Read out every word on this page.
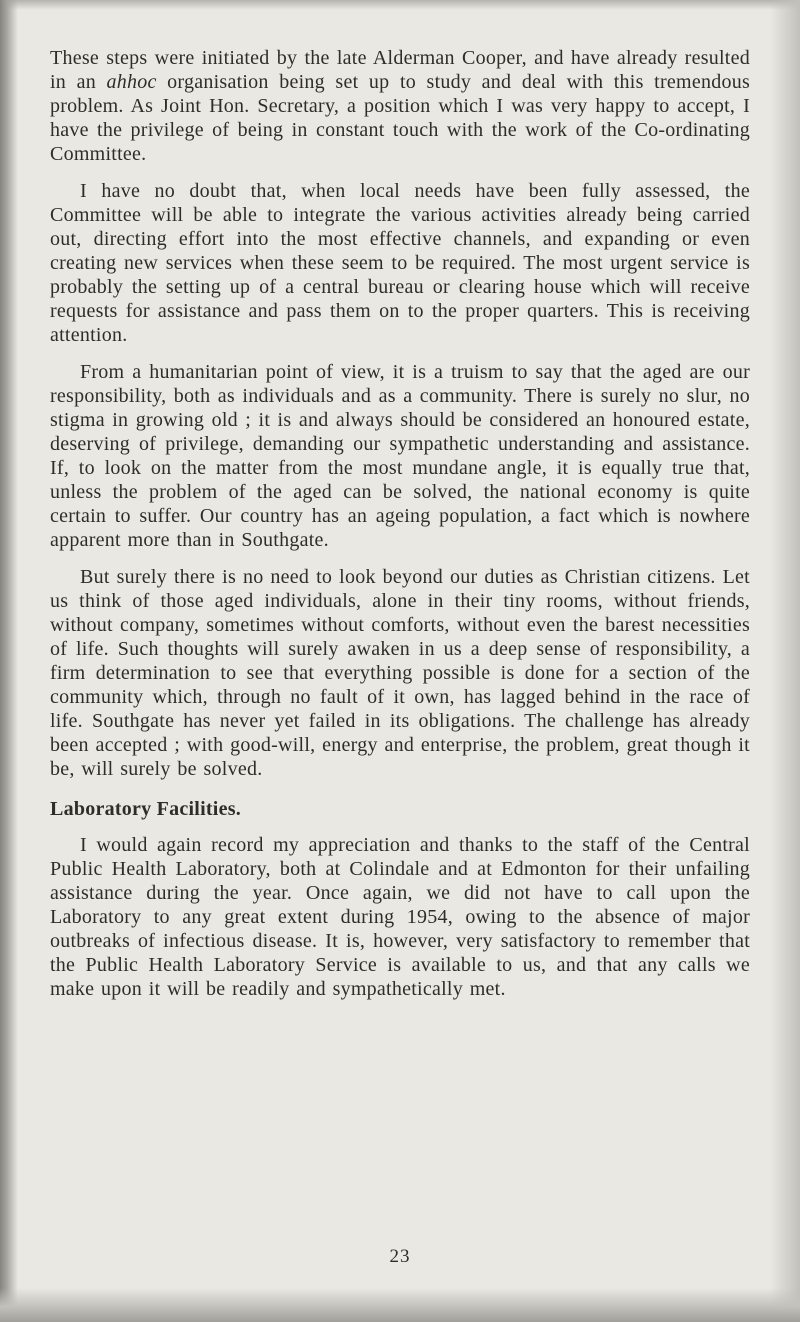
These steps were initiated by the late Alderman Cooper, and have already resulted in an ahhoc organisation being set up to study and deal with this tremendous problem. As Joint Hon. Secretary, a position which I was very happy to accept, I have the privilege of being in constant touch with the work of the Co-ordinating Committee.

I have no doubt that, when local needs have been fully assessed, the Committee will be able to integrate the various activities already being carried out, directing effort into the most effective channels, and expanding or even creating new services when these seem to be required. The most urgent service is probably the setting up of a central bureau or clearing house which will receive requests for assistance and pass them on to the proper quarters. This is receiving attention.

From a humanitarian point of view, it is a truism to say that the aged are our responsibility, both as individuals and as a community. There is surely no slur, no stigma in growing old ; it is and always should be considered an honoured estate, deserving of privilege, demanding our sympathetic understanding and assistance. If, to look on the matter from the most mundane angle, it is equally true that, unless the problem of the aged can be solved, the national economy is quite certain to suffer. Our country has an ageing population, a fact which is nowhere apparent more than in Southgate.

But surely there is no need to look beyond our duties as Christian citizens. Let us think of those aged individuals, alone in their tiny rooms, without friends, without company, sometimes without comforts, without even the barest necessities of life. Such thoughts will surely awaken in us a deep sense of responsibility, a firm determination to see that everything possible is done for a section of the community which, through no fault of it own, has lagged behind in the race of life. Southgate has never yet failed in its obligations. The challenge has already been accepted ; with good-will, energy and enterprise, the problem, great though it be, will surely be solved.

Laboratory Facilities.

I would again record my appreciation and thanks to the staff of the Central Public Health Laboratory, both at Colindale and at Edmonton for their unfailing assistance during the year. Once again, we did not have to call upon the Laboratory to any great extent during 1954, owing to the absence of major outbreaks of infectious disease. It is, however, very satisfactory to remember that the Public Health Laboratory Service is available to us, and that any calls we make upon it will be readily and sympathetically met.

23
